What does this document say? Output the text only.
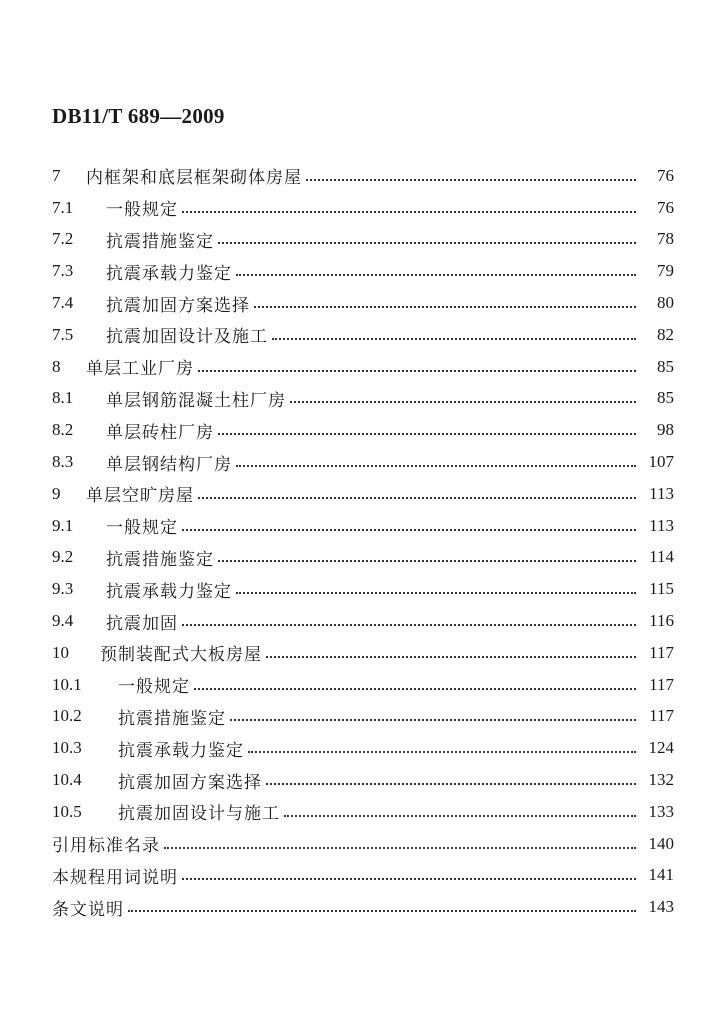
DB11/T 689—2009
7	内框架和底层框架砌体房屋	76
7.1	一般规定	76
7.2	抗震措施鉴定	78
7.3	抗震承载力鉴定	79
7.4	抗震加固方案选择	80
7.5	抗震加固设计及施工	82
8	单层工业厂房	85
8.1	单层钢筋混凝土柱厂房	85
8.2	单层砖柱厂房	98
8.3	单层钢结构厂房	107
9	单层空旷房屋	113
9.1	一般规定	113
9.2	抗震措施鉴定	114
9.3	抗震承载力鉴定	115
9.4	抗震加固	116
10	预制装配式大板房屋	117
10.1	一般规定	117
10.2	抗震措施鉴定	117
10.3	抗震承载力鉴定	124
10.4	抗震加固方案选择	132
10.5	抗震加固设计与施工	133
引用标准名录	140
本规程用词说明	141
条文说明	143
